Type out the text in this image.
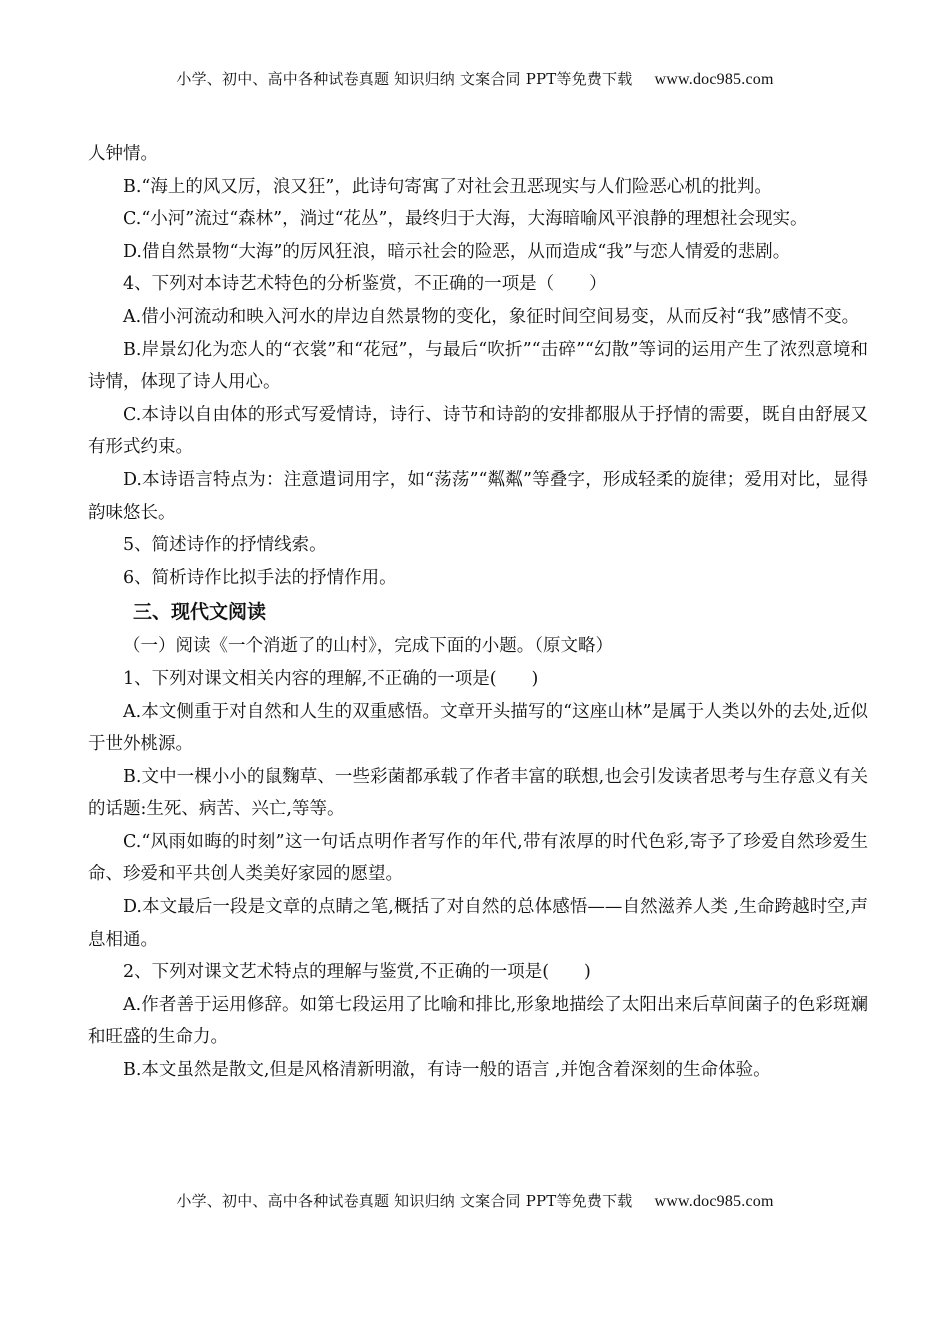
小学、初中、高中各种试卷真题 知识归纳 文案合同 PPT等免费下载 www.doc985.com

人钟情。

B.“海上的风又厉，浪又狂”，此诗句寄寓了对社会丑恶现实与人们险恶心机的批判。

C.“小河”流过“森林”，淌过“花丛”，最终归于大海，大海暗喻风平浪静的理想社会现实。

D.借自然景物“大海”的厉风狂浪，暗示社会的险恶，从而造成“我”与恋人情爱的悲剧。

4、下列对本诗艺术特色的分析鉴赏，不正确的一项是（　　）

A.借小河流动和映入河水的岸边自然景物的变化，象征时间空间易变，从而反衬“我”感情不变。

B.岸景幻化为恋人的“衣裳”和“花冠”，与最后“吹折”“击碎”“幻散”等词的运用产生了浓烈意境和诗情，体现了诗人用心。

C.本诗以自由体的形式写爱情诗，诗行、诗节和诗韵的安排都服从于抒情的需要，既自由舒展又有形式约束。

D.本诗语言特点为：注意遣词用字，如“荡荡”“粼粼”等叠字，形成轻柔的旋律；爱用对比，显得韵味悠长。

5、简述诗作的抒情线索。

6、简析诗作比拟手法的抒情作用。

三、现代文阅读

（一）阅读《一个消逝了的山村》，完成下面的小题。（原文略）

1、下列对课文相关内容的理解,不正确的一项是(　　)

A.本文侧重于对自然和人生的双重感悟。文章开头描写的“这座山林”是属于人类以外的去处,近似于世外桃源。

B.文中一棵小小的鼠麴草、一些彩菌都承载了作者丰富的联想,也会引发读者思考与生存意义有关的话题:生死、病苦、兴亡,等等。

C.“风雨如晦的时刻”这一句话点明作者写作的年代,带有浓厚的时代色彩,寄予了珍爱自然珍爱生命、珍爱和平共创人类美好家园的愿望。

D.本文最后一段是文章的点睛之笔,概括了对自然的总体感悟——自然滋养人类 ,生命跨越时空,声息相通。

2、下列对课文艺术特点的理解与鉴赏,不正确的一项是(　　)

A.作者善于运用修辞。如第七段运用了比喻和排比,形象地描绘了太阳出来后草间菌子的色彩斑斓和旺盛的生命力。

B.本文虽然是散文,但是风格清新明澈，有诗一般的语言 ,并饱含着深刻的生命体验。

小学、初中、高中各种试卷真题 知识归纳 文案合同 PPT等免费下载 www.doc985.com
